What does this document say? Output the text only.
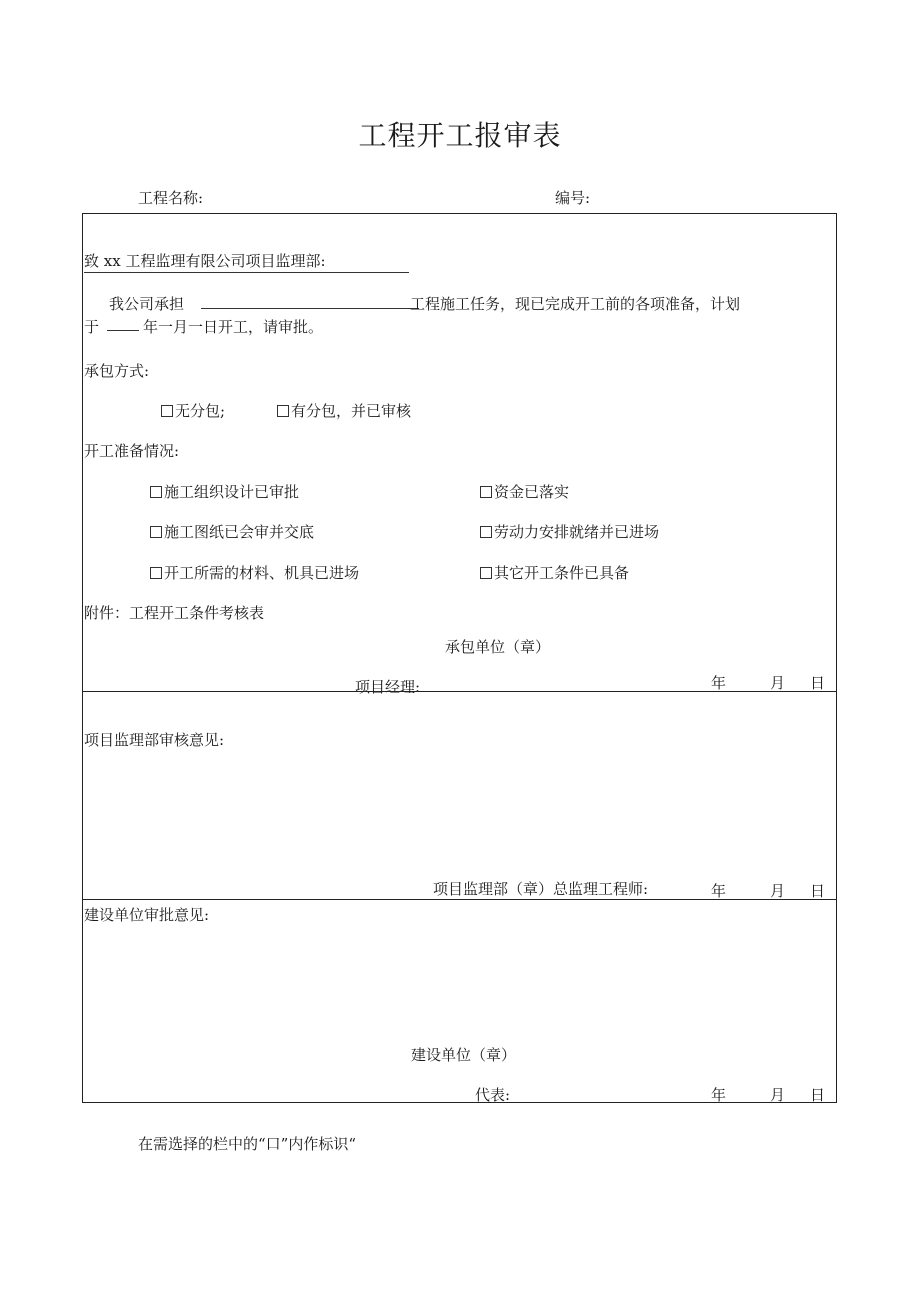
工程开工报审表
工程名称:	编号:
致 xx 工程监理有限公司项目监理部:
我公司承担	工程施工任务，现已完成开工前的各项准备，计划
于	年一月一日开工，请审批。
承包方式:
无分包;	有分包，并已审核
开工准备情况:
施工组织设计已审批	资金已落实
施工图纸已会审并交底	劳动力安排就绪并已进场
开工所需的材料、机具已进场	其它开工条件已具备
附件：工程开工条件考核表
承包单位（章）
项目经理:	年	月 日
项目监理部审核意见:
项目监理部（章）总监理工程师:	年	月 日
建设单位审批意见:
建设单位（章）
代表:	年	月 日
在需选择的栏中的“口”内作标识“
